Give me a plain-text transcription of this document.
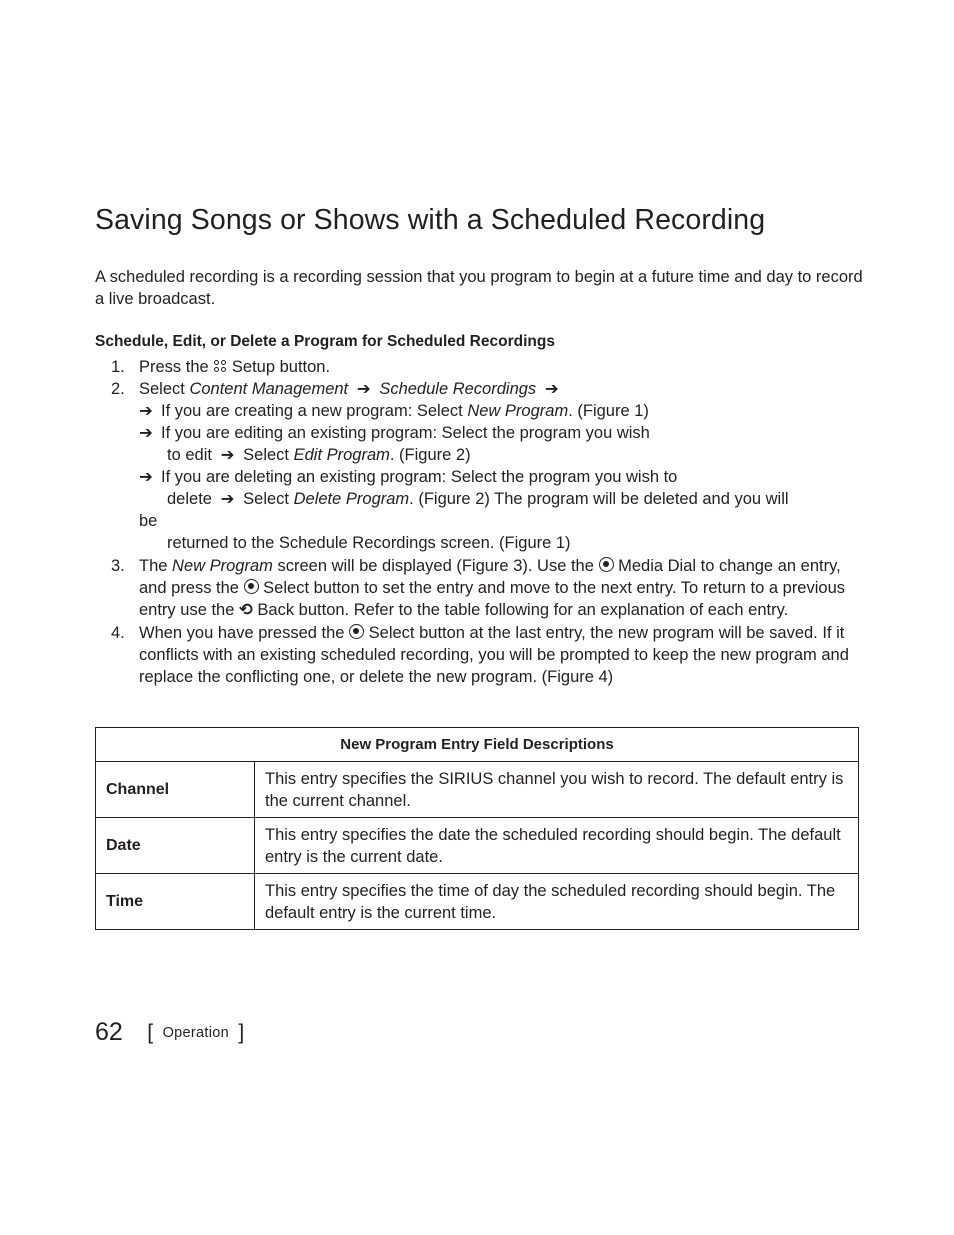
Saving Songs or Shows with a Scheduled Recording

A scheduled recording is a recording session that you program to begin at a future time and day to record a live broadcast.

Schedule, Edit, or Delete a Program for Scheduled Recordings
1. Press the Setup button.
2. Select Content Management ➔ Schedule Recordings ➔
➔ If you are creating a new program: Select New Program. (Figure 1)
➔ If you are editing an existing program: Select the program you wish
to edit ➔ Select Edit Program. (Figure 2)
➔ If you are deleting an existing program: Select the program you wish to
delete ➔ Select Delete Program. (Figure 2) The program will be deleted and you will
be
returned to the Schedule Recordings screen. (Figure 1)
3. The New Program screen will be displayed (Figure 3). Use the Media Dial to change an entry, and press the Select button to set the entry and move to the next entry. To return to a previous entry use the ⟲ Back button. Refer to the table following for an explanation of each entry.
4. When you have pressed the Select button at the last entry, the new program will be saved. If it conflicts with an existing scheduled recording, you will be prompted to keep the new program and replace the conflicting one, or delete the new program. (Figure 4)
New Program Entry Field Descriptions	
Channel	This entry specifies the SIRIUS channel you wish to record. The default entry is the current channel.
Date	This entry specifies the date the scheduled recording should begin. The default entry is the current date.
Time	This entry specifies the time of day the scheduled recording should begin. The default entry is the current time.
62 [ Operation ]
